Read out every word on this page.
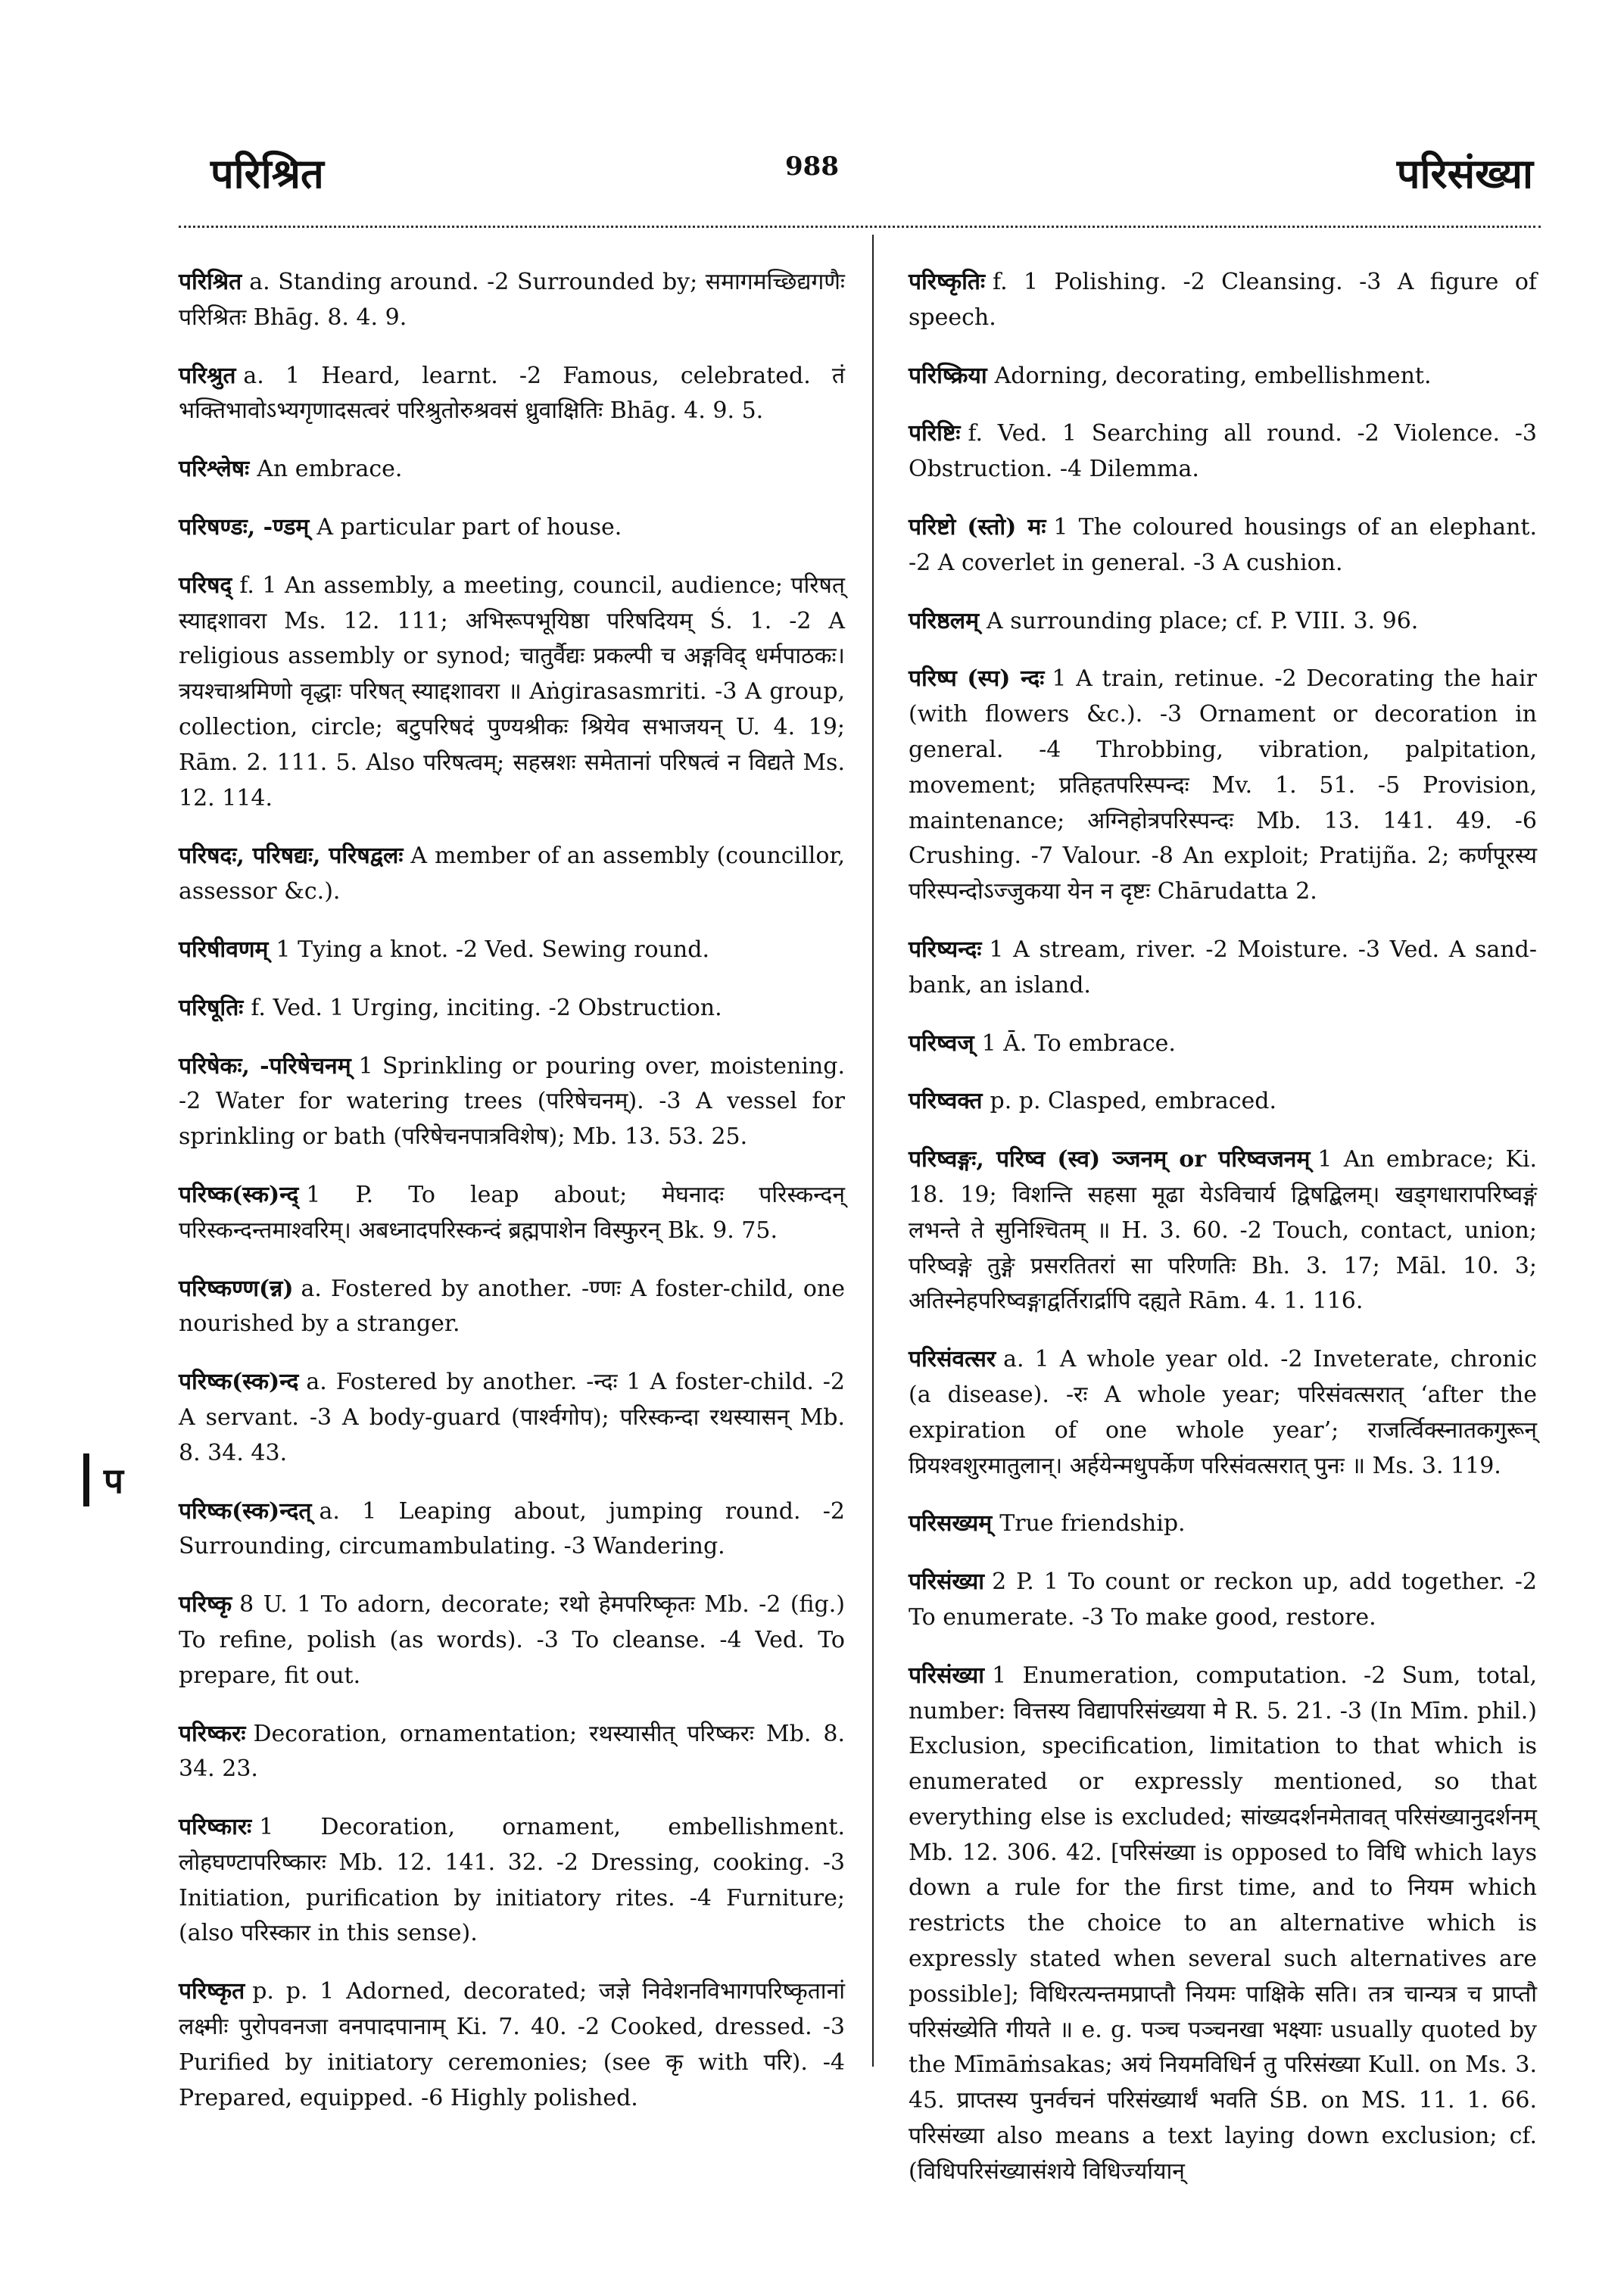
परिश्रित	988	परिसंख्या
प

परिश्रित a. Standing around. -2 Surrounded by; समागमच्छिद्यगणैः परिश्रितः Bhāg. 8. 4. 9.

परिश्रुत a. 1 Heard, learnt. -2 Famous, celebrated. तं भक्तिभावोऽभ्यगृणादसत्वरं परिश्रुतोरुश्रवसं ध्रुवाक्षितिः Bhāg. 4. 9. 5.

परिश्लेषः An embrace.

परिषण्डः, -ण्डम् A particular part of house.

परिषद् f. 1 An assembly, a meeting, council, audience; परिषत् स्याद्दशावरा Ms. 12. 111; अभिरूपभूयिष्ठा परिषदियम् Ś. 1. -2 A religious assembly or synod; चातुर्वैद्यः प्रकल्पी च अङ्गविद् धर्मपाठकः। त्रयश्चाश्रमिणो वृद्धाः परिषत् स्याद्दशावरा ॥ Aṅgirasasmriti. -3 A group, collection, circle; बटुपरिषदं पुण्यश्रीकः श्रियेव सभाजयन् U. 4. 19; Rām. 2. 111. 5. Also परिषत्वम्; सहस्रशः समेतानां परिषत्वं न विद्यते Ms. 12. 114.

परिषदः, परिषद्यः, परिषद्वलः A member of an assembly (councillor, assessor &c.).

परिषीवणम् 1 Tying a knot. -2 Ved. Sewing round.

परिषूतिः f. Ved. 1 Urging, inciting. -2 Obstruction.

परिषेकः, -परिषेचनम् 1 Sprinkling or pouring over, moistening. -2 Water for watering trees (परिषेचनम्). -3 A vessel for sprinkling or bath (परिषेचनपात्रविशेष); Mb. 13. 53. 25.

परिष्क(स्क)न्द् 1 P. To leap about; मेघनादः परिस्कन्दन् परिस्कन्दन्तमाश्वरिम्। अबध्नादपरिस्कन्दं ब्रह्मपाशेन विस्फुरन् Bk. 9. 75.

परिष्कण्ण(न्न) a. Fostered by another. -ण्णः A foster-child, one nourished by a stranger.

परिष्क(स्क)न्द a. Fostered by another. -न्दः 1 A foster-child. -2 A servant. -3 A body-guard (पार्श्वगोप); परिस्कन्दा रथस्यासन् Mb. 8. 34. 43.

परिष्क(स्क)न्दत् a. 1 Leaping about, jumping round. -2 Surrounding, circumambulating. -3 Wandering.

परिष्कृ 8 U. 1 To adorn, decorate; रथो हेमपरिष्कृतः Mb. -2 (fig.) To refine, polish (as words). -3 To cleanse. -4 Ved. To prepare, fit out.

परिष्करः Decoration, ornamentation; रथस्यासीत् परिष्करः Mb. 8. 34. 23.

परिष्कारः 1 Decoration, ornament, embellishment. लोहघण्टापरिष्कारः Mb. 12. 141. 32. -2 Dressing, cooking. -3 Initiation, purification by initiatory rites. -4 Furniture; (also परिस्कार in this sense).

परिष्कृत p. p. 1 Adorned, decorated; जज्ञे निवेशनविभागपरिष्कृतानां लक्ष्मीः पुरोपवनजा वनपादपानाम् Ki. 7. 40. -2 Cooked, dressed. -3 Purified by initiatory ceremonies; (see कृ with परि). -4 Prepared, equipped. -6 Highly polished.

परिष्कृतिः f. 1 Polishing. -2 Cleansing. -3 A figure of speech.

परिष्क्रिया Adorning, decorating, embellishment.

परिष्टिः f. Ved. 1 Searching all round. -2 Violence. -3 Obstruction. -4 Dilemma.

परिष्टो (स्तो) मः 1 The coloured housings of an elephant. -2 A coverlet in general. -3 A cushion.

परिष्ठलम् A surrounding place; cf. P. VIII. 3. 96.

परिष्प (स्प) न्दः 1 A train, retinue. -2 Decorating the hair (with flowers &c.). -3 Ornament or decoration in general. -4 Throbbing, vibration, palpitation, movement; प्रतिहतपरिस्पन्दः Mv. 1. 51. -5 Provision, maintenance; अग्निहोत्रपरिस्पन्दः Mb. 13. 141. 49. -6 Crushing. -7 Valour. -8 An exploit; Pratijña. 2; कर्णपूरस्य परिस्पन्दोऽज्जुकया येन न दृष्टः Chārudatta 2.

परिष्यन्दः 1 A stream, river. -2 Moisture. -3 Ved. A sand-bank, an island.

परिष्वज् 1 Ā. To embrace.

परिष्वक्त p. p. Clasped, embraced.

परिष्वङ्गः, परिष्व (स्व) ञ्जनम् or परिष्वजनम् 1 An embrace; Ki. 18. 19; विशन्ति सहसा मूढा येऽविचार्य द्विषद्बिलम्। खड्गधारापरिष्वङ्गं लभन्ते ते सुनिश्चितम् ॥ H. 3. 60. -2 Touch, contact, union; परिष्वङ्गे तुङ्गे प्रसरतितरां सा परिणतिः Bh. 3. 17; Māl. 10. 3; अतिस्नेहपरिष्वङ्गाद्वर्तिरार्द्रापि दह्यते Rām. 4. 1. 116.

परिसंवत्सर a. 1 A whole year old. -2 Inveterate, chronic (a disease). -रः A whole year; परिसंवत्सरात् ‘after the expiration of one whole year’; राजर्त्विक्स्नातकगुरून् प्रियश्वशुरमातुलान्। अर्हयेन्मधुपर्केण परिसंवत्सरात् पुनः ॥ Ms. 3. 119.

परिसख्यम् True friendship.

परिसंख्या 2 P. 1 To count or reckon up, add together. -2 To enumerate. -3 To make good, restore.

परिसंख्या 1 Enumeration, computation. -2 Sum, total, number: वित्तस्य विद्यापरिसंख्यया मे R. 5. 21. -3 (In Mīm. phil.) Exclusion, specification, limitation to that which is enumerated or expressly mentioned, so that everything else is excluded; सांख्यदर्शनमेतावत् परिसंख्यानुदर्शनम् Mb. 12. 306. 42. [परिसंख्या is opposed to विधि which lays down a rule for the first time, and to नियम which restricts the choice to an alternative which is expressly stated when several such alternatives are possible]; विधिरत्यन्तमप्राप्तौ नियमः पाक्षिके सति। तत्र चान्यत्र च प्राप्तौ परिसंख्येति गीयते ॥ e. g. पञ्च पञ्चनखा भक्ष्याः usually quoted by the Mīmāṁsakas; अयं नियमविधिर्न तु परिसंख्या Kull. on Ms. 3. 45. प्राप्तस्य पुनर्वचनं परिसंख्यार्थं भवति ŚB. on MS. 11. 1. 66. परिसंख्या also means a text laying down exclusion; cf. (विधिपरिसंख्यासंशये विधिर्ज्यायान्
